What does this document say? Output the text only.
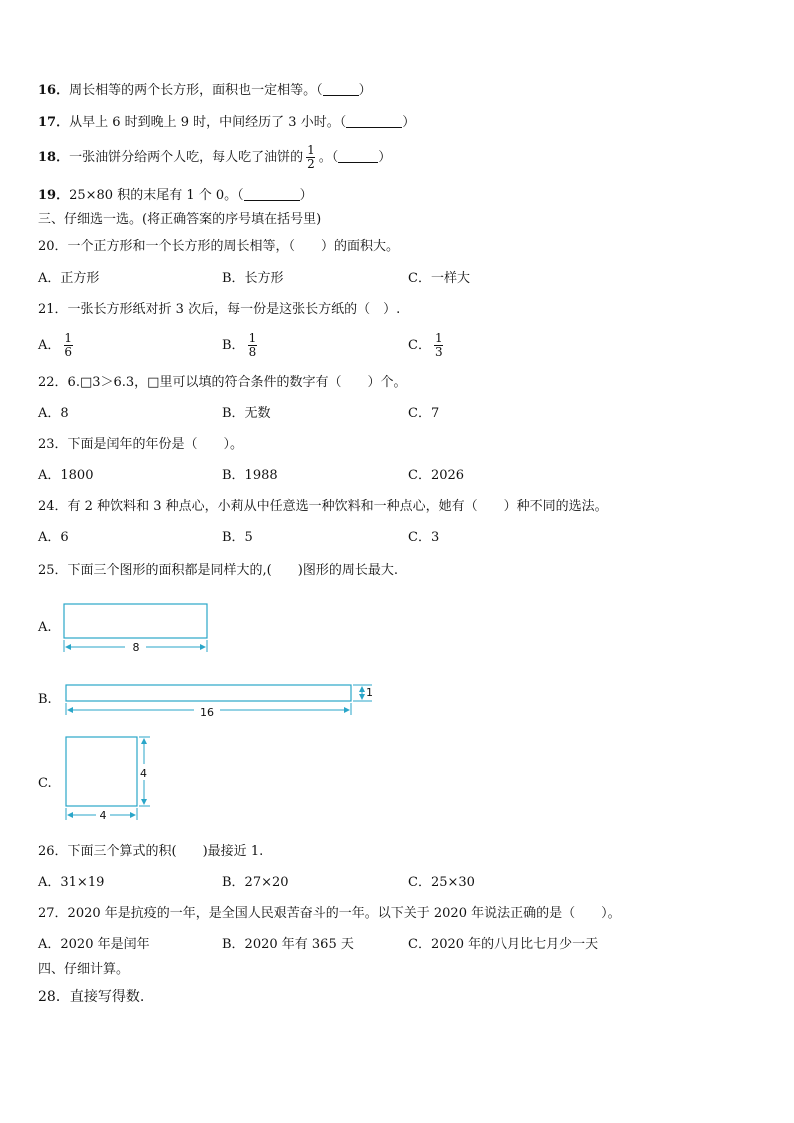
16．周长相等的两个长方形，面积也一定相等。（	）
17．从早上 6 时到晚上 9 时，中间经历了 3 小时。（	）
18．一张油饼分给两个人吃，每人吃了油饼的 $\frac{1}{2}$ 。（	）
19．25×80 积的末尾有 1 个 0。（	）
三、仔细选一选。(将正确答案的序号填在括号里)
20．一个正方形和一个长方形的周长相等，（　　）的面积大。
A．正方形	B．长方形	C．一样大
21．一张长方形纸对折 3 次后，每一份是这张长方纸的（　）.
A． $\frac{1}{6}$	B． $\frac{1}{8}$	C． $\frac{1}{3}$
22．6.□3＞6.3，□里可以填的符合条件的数字有（　　）个。
A．8	B．无数	C．7
23．下面是闰年的年份是（　　）。
A．1800	B．1988	C．2026
24．有 2 种饮料和 3 种点心，小莉从中任意选一种饮料和一种点心，她有（　　）种不同的选法。
A．6	B．5	C．3
25．下面三个图形的面积都是同样大的,(　　)图形的周长最大.
A.
B.
C.
8
1
16
4
4
26．下面三个算式的积(　　)最接近 1.
A．31×19	B．27×20	C．25×30
27．2020 年是抗疫的一年，是全国人民艰苦奋斗的一年。以下关于 2020 年说法正确的是（　　）。
A．2020 年是闰年	B．2020 年有 365 天	C．2020 年的八月比七月少一天
四、仔细计算。
28．直接写得数.
